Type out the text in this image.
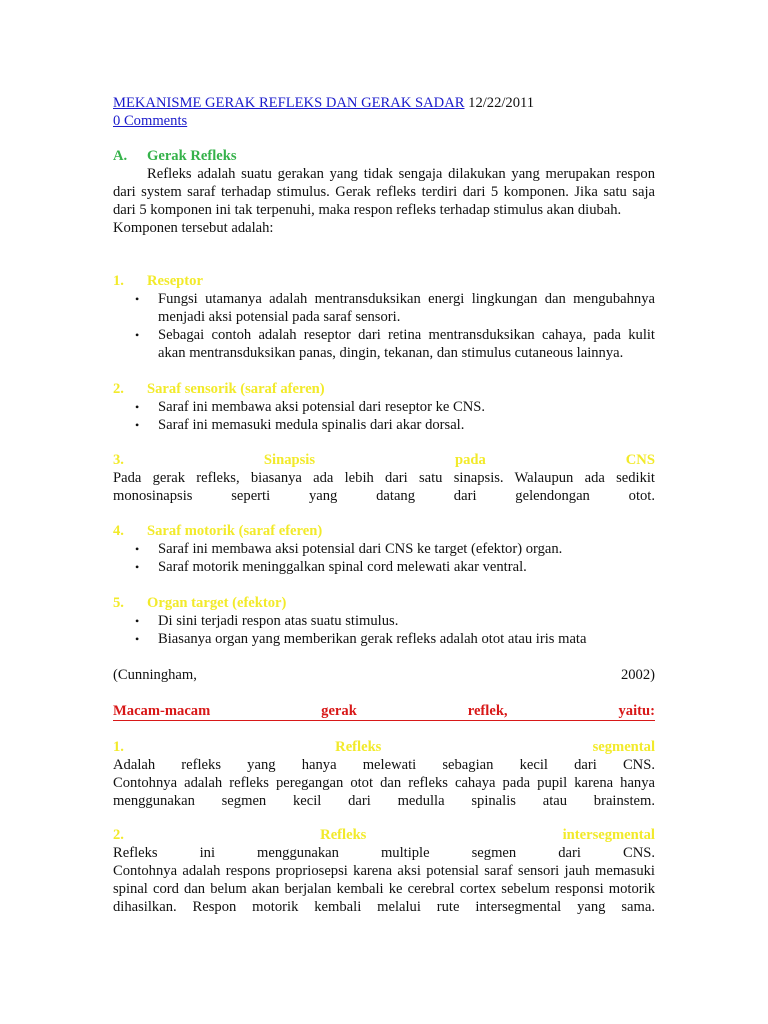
MEKANISME GERAK REFLEKS DAN GERAK SADAR 12/22/2011
0 Comments
A. Gerak Refleks
Refleks adalah suatu gerakan yang tidak sengaja dilakukan yang merupakan respon
dari system saraf terhadap stimulus. Gerak refleks terdiri dari 5 komponen. Jika satu saja
dari 5 komponen ini tak terpenuhi, maka respon refleks terhadap stimulus akan diubah.
Komponen tersebut adalah:
1. Reseptor
•	Fungsi utamanya adalah mentransduksikan energi lingkungan dan mengubahnya
menjadi aksi potensial pada saraf sensori.
•	Sebagai contoh adalah reseptor dari retina mentransduksikan cahaya, pada kulit
akan mentransduksikan panas, dingin, tekanan, dan stimulus cutaneous lainnya.
2. Saraf sensorik (saraf aferen)
•	Saraf ini membawa aksi potensial dari reseptor ke CNS.
•	Saraf ini memasuki medula spinalis dari akar dorsal.
3.	Sinapsis	pada	CNS
Pada gerak refleks, biasanya ada lebih dari satu sinapsis. Walaupun ada sedikit
monosinapsis seperti yang datang dari gelendongan otot.
4. Saraf motorik (saraf eferen)
•	Saraf ini membawa aksi potensial dari CNS ke target (efektor) organ.
•	Saraf motorik meninggalkan spinal cord melewati akar ventral.
5. Organ target (efektor)
•	Di sini terjadi respon atas suatu stimulus.
•	Biasanya organ yang memberikan gerak refleks adalah otot atau iris mata
(Cunningham,	2002)
Macam-macam	gerak	reflek,	yaitu:
1.	Refleks	segmental
Adalah refleks yang hanya melewati sebagian kecil dari CNS.
Contohnya adalah refleks peregangan otot dan refleks cahaya pada pupil karena hanya
menggunakan segmen kecil dari medulla spinalis atau brainstem.
2.	Refleks	intersegmental
Refleks ini menggunakan multiple segmen dari CNS.
Contohnya adalah respons propriosepsi karena aksi potensial saraf sensori jauh memasuki
spinal cord dan belum akan berjalan kembali ke cerebral cortex sebelum responsi motorik
dihasilkan. Respon motorik kembali melalui rute intersegmental yang sama.
